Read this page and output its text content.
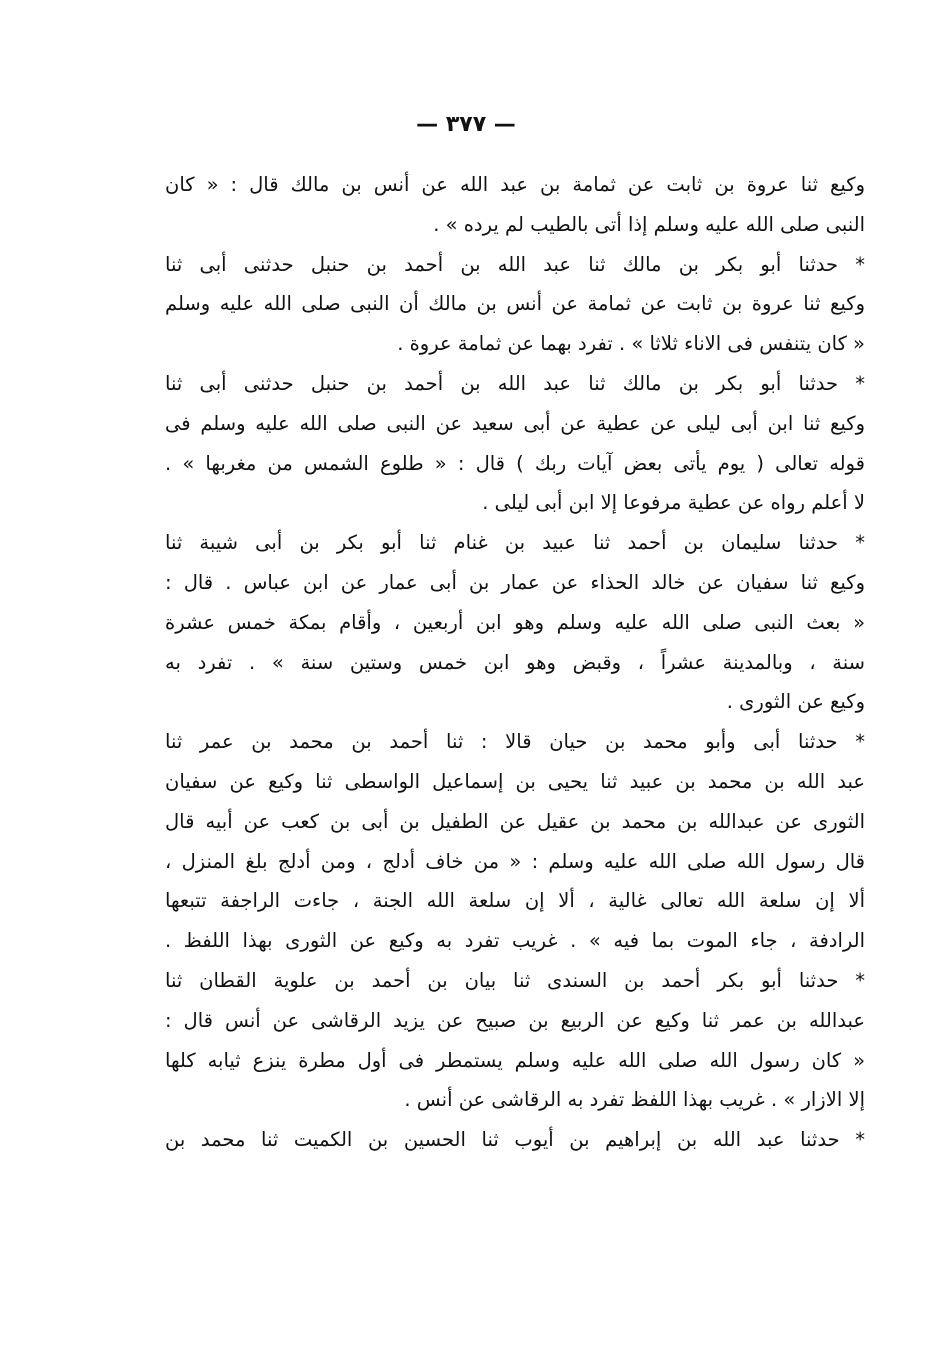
— ٣٧٧ —
وكيع ثنا عروة بن ثابت عن ثمامة بن عبد الله عن أنس بن مالك قال : « كان
النبى صلى الله عليه وسلم إذا أتى بالطيب لم يرده » .
* حدثنا أبو بكر بن مالك ثنا عبد الله بن أحمد بن حنبل حدثنى أبى ثنا
وكيع ثنا عروة بن ثابت عن ثمامة عن أنس بن مالك أن النبى صلى الله عليه وسلم
« كان يتنفس فى الاناء ثلاثا » . تفرد بهما عن ثمامة عروة .
* حدثنا أبو بكر بن مالك ثنا عبد الله بن أحمد بن حنبل حدثنى أبى ثنا
وكيع ثنا ابن أبى ليلى عن عطية عن أبى سعيد عن النبى صلى الله عليه وسلم فى
قوله تعالى ( يوم يأتى بعض آيات ربك ) قال : « طلوع الشمس من مغربها » .
لا أعلم رواه عن عطية مرفوعا إلا ابن أبى ليلى .
* حدثنا سليمان بن أحمد ثنا عبيد بن غنام ثنا أبو بكر بن أبى شيبة ثنا
وكيع ثنا سفيان عن خالد الحذاء عن عمار بن أبى عمار عن ابن عباس . قال :
« بعث النبى صلى الله عليه وسلم وهو ابن أربعين ، وأقام بمكة خمس عشرة
سنة ، وبالمدينة عشراً ، وقبض وهو ابن خمس وستين سنة » . تفرد به
وكيع عن الثورى .
* حدثنا أبى وأبو محمد بن حيان قالا : ثنا أحمد بن محمد بن عمر ثنا
عبد الله بن محمد بن عبيد ثنا يحيى بن إسماعيل الواسطى ثنا وكيع عن سفيان
الثورى عن عبدالله بن محمد بن عقيل عن الطفيل بن أبى بن كعب عن أبيه قال
قال رسول الله صلى الله عليه وسلم : « من خاف أدلج ، ومن أدلج بلغ المنزل ،
ألا إن سلعة الله تعالى غالية ، ألا إن سلعة الله الجنة ، جاءت الراجفة تتبعها
الرادفة ، جاء الموت بما فيه » . غريب تفرد به وكيع عن الثورى بهذا اللفظ .
* حدثنا أبو بكر أحمد بن السندى ثنا بيان بن أحمد بن علوية القطان ثنا
عبدالله بن عمر ثنا وكيع عن الربيع بن صبيح عن يزيد الرقاشى عن أنس قال :
« كان رسول الله صلى الله عليه وسلم يستمطر فى أول مطرة ينزع ثيابه كلها
إلا الازار » . غريب بهذا اللفظ تفرد به الرقاشى عن أنس .
* حدثنا عبد الله بن إبراهيم بن أيوب ثنا الحسين بن الكميت ثنا محمد بن
